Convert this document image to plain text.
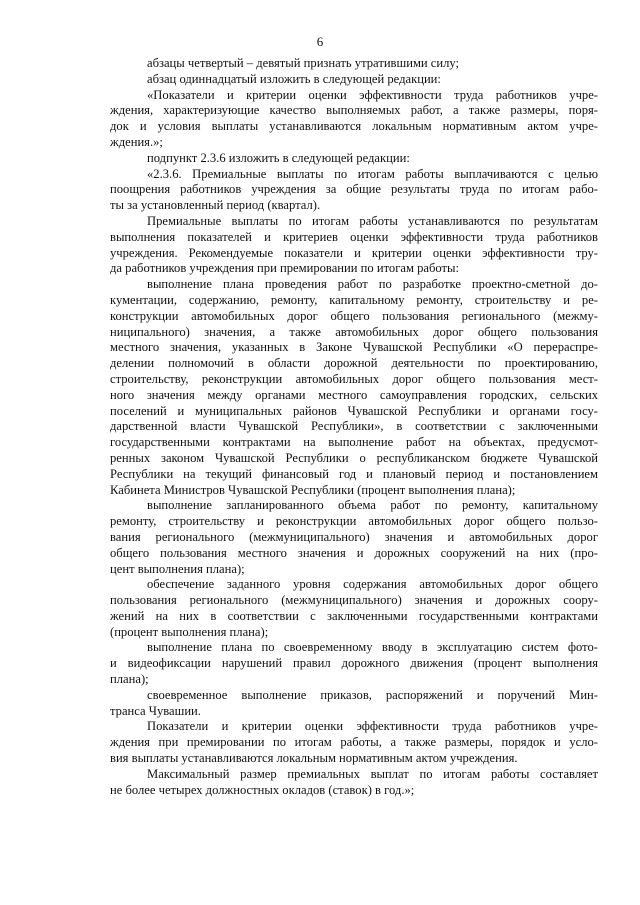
6
абзацы четвертый – девятый признать утратившими силу;
абзац одиннадцатый изложить в следующей редакции:
«Показатели и критерии оценки эффективности труда работников учре-
ждения, характеризующие качество выполняемых работ, а также размеры, поря-
док и условия выплаты устанавливаются локальным нормативным актом учре-
ждения.»;
подпункт 2.3.6 изложить в следующей редакции:
«2.3.6. Премиальные выплаты по итогам работы выплачиваются с целью
поощрения работников учреждения за общие результаты труда по итогам рабо-
ты за установленный период (квартал).
Премиальные выплаты по итогам работы устанавливаются по результатам
выполнения показателей и критериев оценки эффективности труда работников
учреждения. Рекомендуемые показатели и критерии оценки эффективности тру-
да работников учреждения при премировании по итогам работы:
выполнение плана проведения работ по разработке проектно-сметной до-
кументации, содержанию, ремонту, капитальному ремонту, строительству и ре-
конструкции автомобильных дорог общего пользования регионального (межму-
ниципального) значения, а также автомобильных дорог общего пользования
местного значения, указанных в Законе Чувашской Республики «О перераспре-
делении полномочий в области дорожной деятельности по проектированию,
строительству, реконструкции автомобильных дорог общего пользования мест-
ного значения между органами местного самоуправления городских, сельских
поселений и муниципальных районов Чувашской Республики и органами госу-
дарственной власти Чувашской Республики», в соответствии с заключенными
государственными контрактами на выполнение работ на объектах, предусмот-
ренных законом Чувашской Республики о республиканском бюджете Чувашской
Республики на текущий финансовый год и плановый период и постановлением
Кабинета Министров Чувашской Республики (процент выполнения плана);
выполнение запланированного объема работ по ремонту, капитальному
ремонту, строительству и реконструкции автомобильных дорог общего пользо-
вания регионального (межмуниципального) значения и автомобильных дорог
общего пользования местного значения и дорожных сооружений на них (про-
цент выполнения плана);
обеспечение заданного уровня содержания автомобильных дорог общего
пользования регионального (межмуниципального) значения и дорожных соору-
жений на них в соответствии с заключенными государственными контрактами
(процент выполнения плана);
выполнение плана по своевременному вводу в эксплуатацию систем фото-
и видеофиксации нарушений правил дорожного движения (процент выполнения
плана);
своевременное выполнение приказов, распоряжений и поручений Мин-
транса Чувашии.
Показатели и критерии оценки эффективности труда работников учре-
ждения при премировании по итогам работы, а также размеры, порядок и усло-
вия выплаты устанавливаются локальным нормативным актом учреждения.
Максимальный размер премиальных выплат по итогам работы составляет
не более четырех должностных окладов (ставок) в год.»;
